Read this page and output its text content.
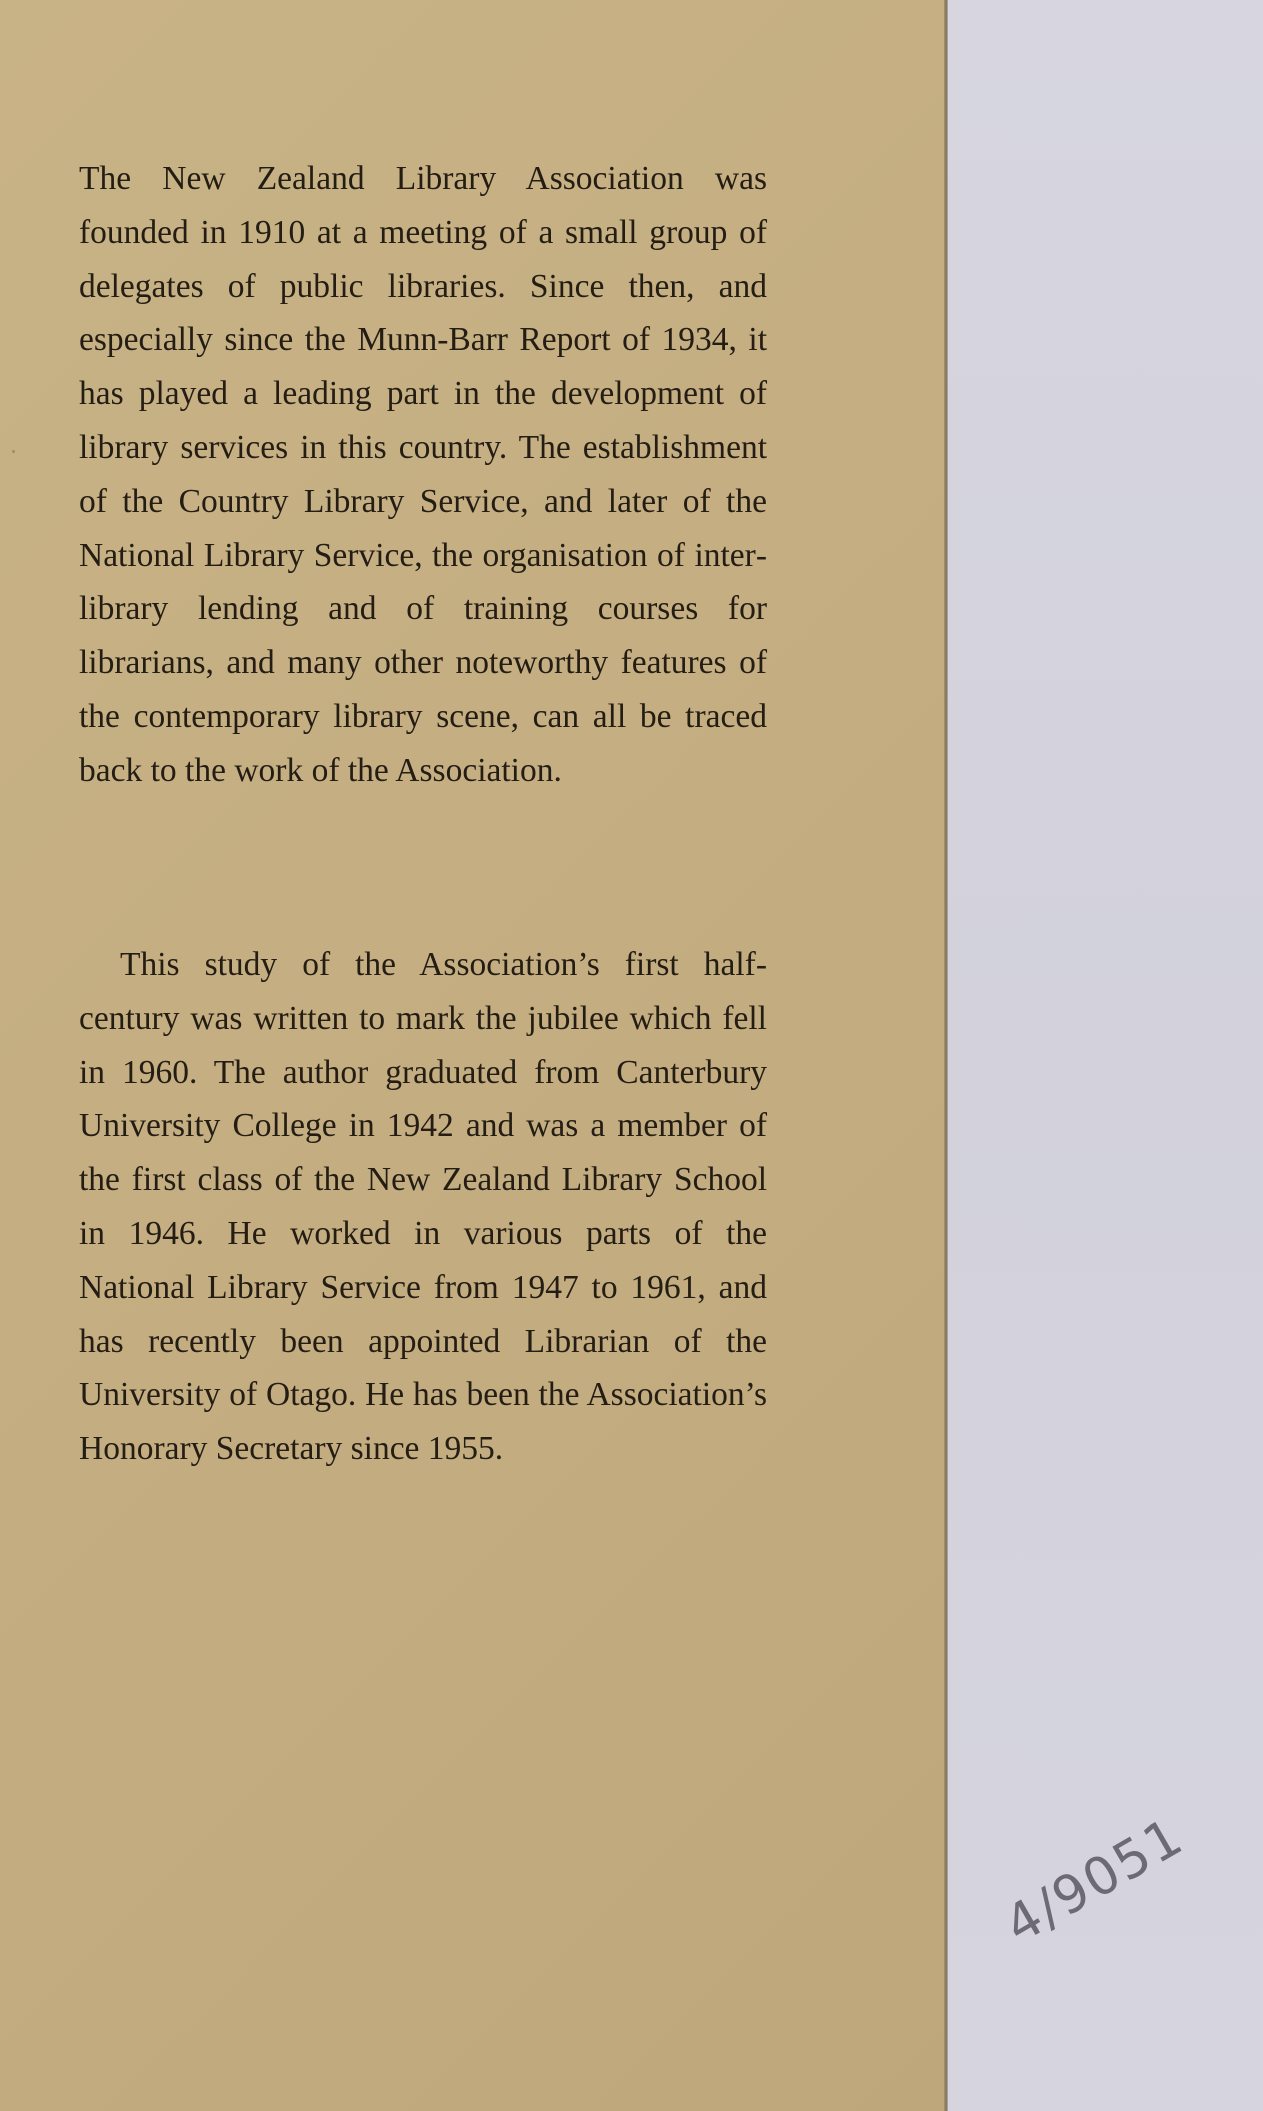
The New Zealand Library Association was founded in 1910 at a meeting of a small group of delegates of public libraries. Since then, and especially since the Munn-Barr Report of 1934, it has played a leading part in the development of library services in this country. The establishment of the Country Library Service, and later of the National Library Service, the organisation of interlibrary lending and of training courses for librarians, and many other noteworthy features of the contemporary library scene, can all be traced back to the work of the Association.

This study of the Association’s first half-century was written to mark the jubilee which fell in 1960. The author graduated from Canterbury University College in 1942 and was a member of the first class of the New Zealand Library School in 1946. He worked in various parts of the National Library Service from 1947 to 1961, and has recently been appointed Librarian of the University of Otago. He has been the Association’s Honorary Secretary since 1955.

4/9051
